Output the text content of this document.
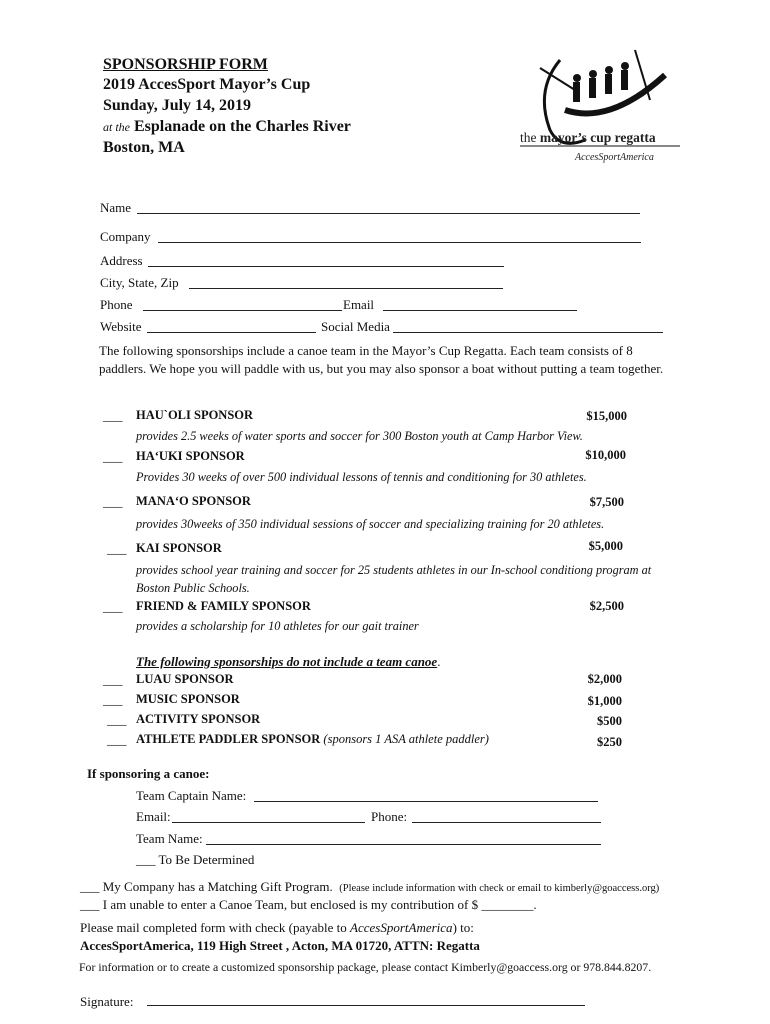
SPONSORSHIP FORM
2019 AccesSport Mayor’s Cup
Sunday, July 14, 2019
at the Esplanade on the Charles River
Boston, MA
the mayor’s cup regatta
AccesSportAmerica
Name
Company
Address
City, State, Zip
Phone	Email
Website	Social Media
The following sponsorships include a canoe team in the Mayor’s Cup Regatta. Each team consists of 8 paddlers. We hope you will paddle with us, but you may also sponsor a boat without putting a team together.
___ HAU`OLI SPONSOR	$15,000
provides 2.5 weeks of water sports and soccer for 300 Boston youth at Camp Harbor View.
___ HA‘UKI SPONSOR	$10,000
Provides 30 weeks of over 500 individual lessons of tennis and conditioning for 30 athletes.
___ MANA‘O SPONSOR	$7,500
provides 30weeks of 350 individual sessions of soccer and specializing training for 20 athletes.
___ KAI SPONSOR	$5,000
provides school year training and soccer for 25 students athletes in our In-school conditiong program at Boston Public Schools.
___ FRIEND & FAMILY SPONSOR	$2,500
provides a scholarship for 10 athletes for our gait trainer
The following sponsorships do not include a team canoe.
___ LUAU SPONSOR	$2,000
___ MUSIC SPONSOR	$1,000
___ ACTIVITY SPONSOR	$500
___ ATHLETE PADDLER SPONSOR (sponsors 1 ASA athlete paddler)	$250
If sponsoring a canoe:
Team Captain Name:
Email:	Phone:
Team Name:
___ To Be Determined
___ My Company has a Matching Gift Program. (Please include information with check or email to kimberly@goaccess.org)
___ I am unable to enter a Canoe Team, but enclosed is my contribution of $ ________.
Please mail completed form with check (payable to AccesSportAmerica) to:
AccesSportAmerica, 119 High Street , Acton, MA 01720, ATTN: Regatta
For information or to create a customized sponsorship package, please contact Kimberly@goaccess.org or 978.844.8207.
Signature:
